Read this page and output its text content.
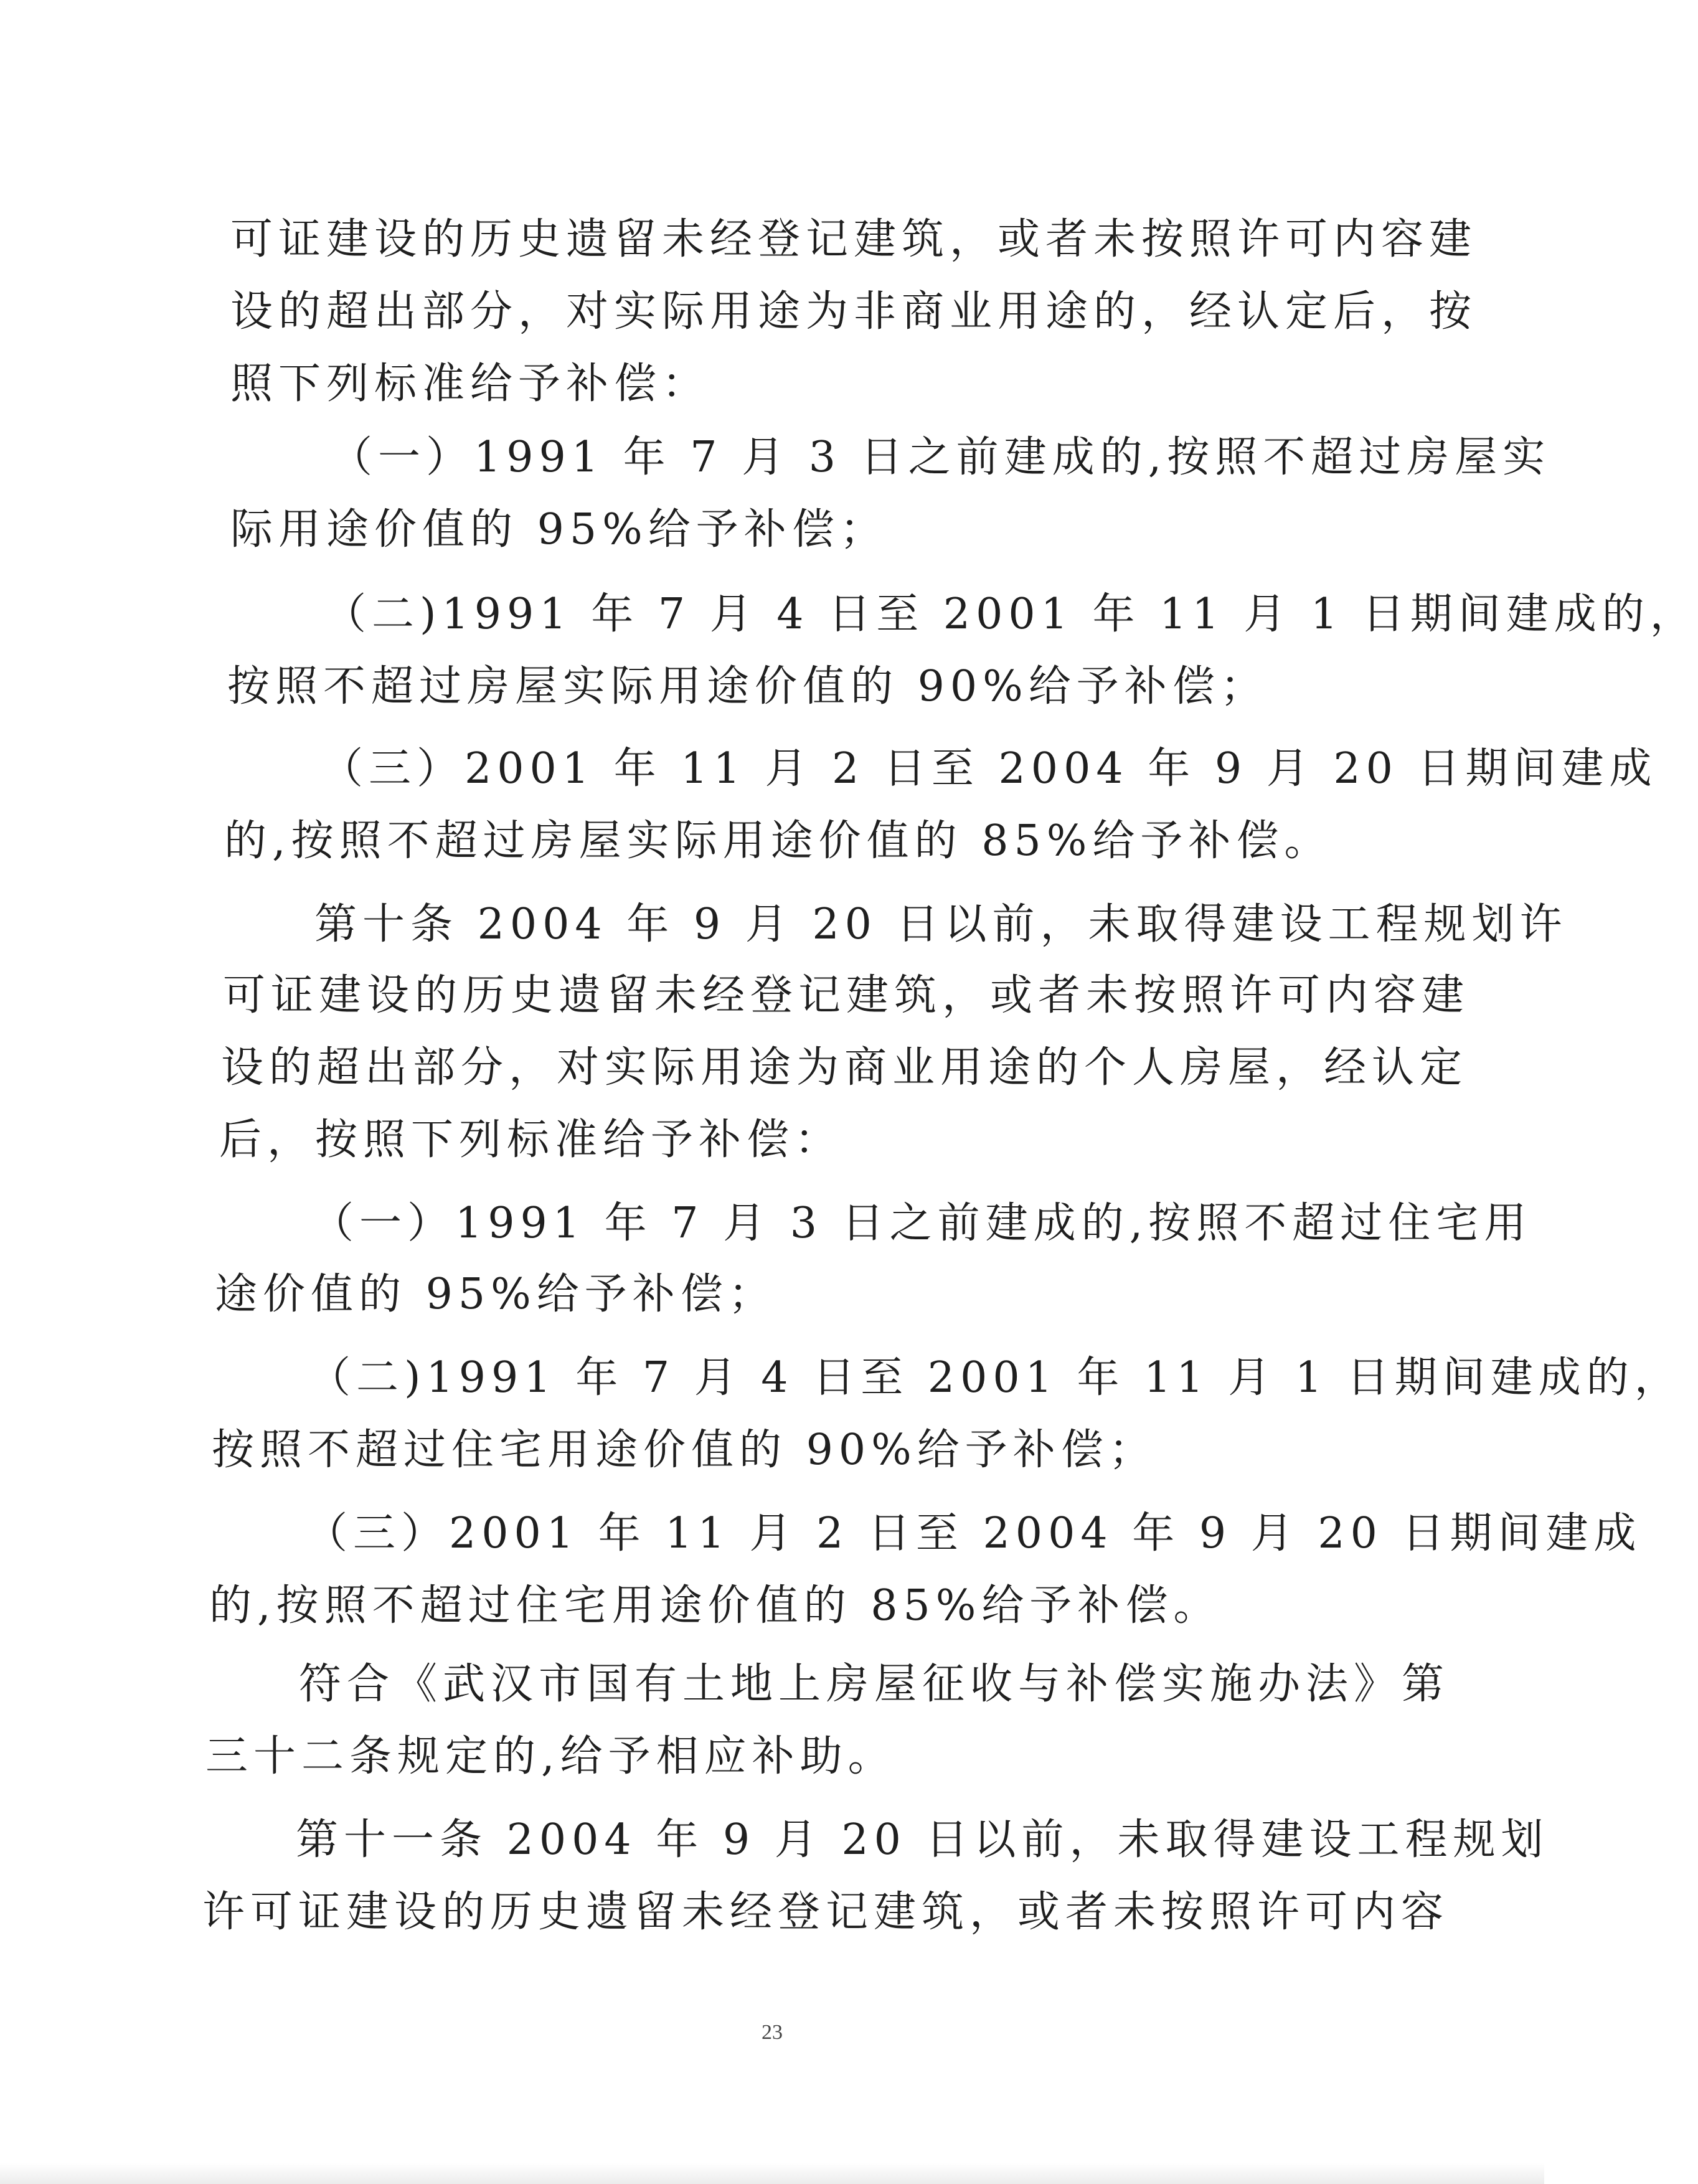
可证建设的历史遗留未经登记建筑，或者未按照许可内容建
设的超出部分，对实际用途为非商业用途的，经认定后，按
照下列标准给予补偿：
（一）1991 年 7 月 3 日之前建成的,按照不超过房屋实
际用途价值的 95%给予补偿；
（二)1991 年 7 月 4 日至 2001 年 11 月 1 日期间建成的，
按照不超过房屋实际用途价值的 90%给予补偿；
（三）2001 年 11 月 2 日至 2004 年 9 月 20 日期间建成
的,按照不超过房屋实际用途价值的 85%给予补偿。
第十条 2004 年 9 月 20 日以前，未取得建设工程规划许
可证建设的历史遗留未经登记建筑，或者未按照许可内容建
设的超出部分，对实际用途为商业用途的个人房屋，经认定
后，按照下列标准给予补偿：
（一）1991 年 7 月 3 日之前建成的,按照不超过住宅用
途价值的 95%给予补偿；
（二)1991 年 7 月 4 日至 2001 年 11 月 1 日期间建成的，
按照不超过住宅用途价值的 90%给予补偿；
（三）2001 年 11 月 2 日至 2004 年 9 月 20 日期间建成
的,按照不超过住宅用途价值的 85%给予补偿。
符合《武汉市国有土地上房屋征收与补偿实施办法》第
三十二条规定的,给予相应补助。
第十一条 2004 年 9 月 20 日以前，未取得建设工程规划
许可证建设的历史遗留未经登记建筑，或者未按照许可内容
23
